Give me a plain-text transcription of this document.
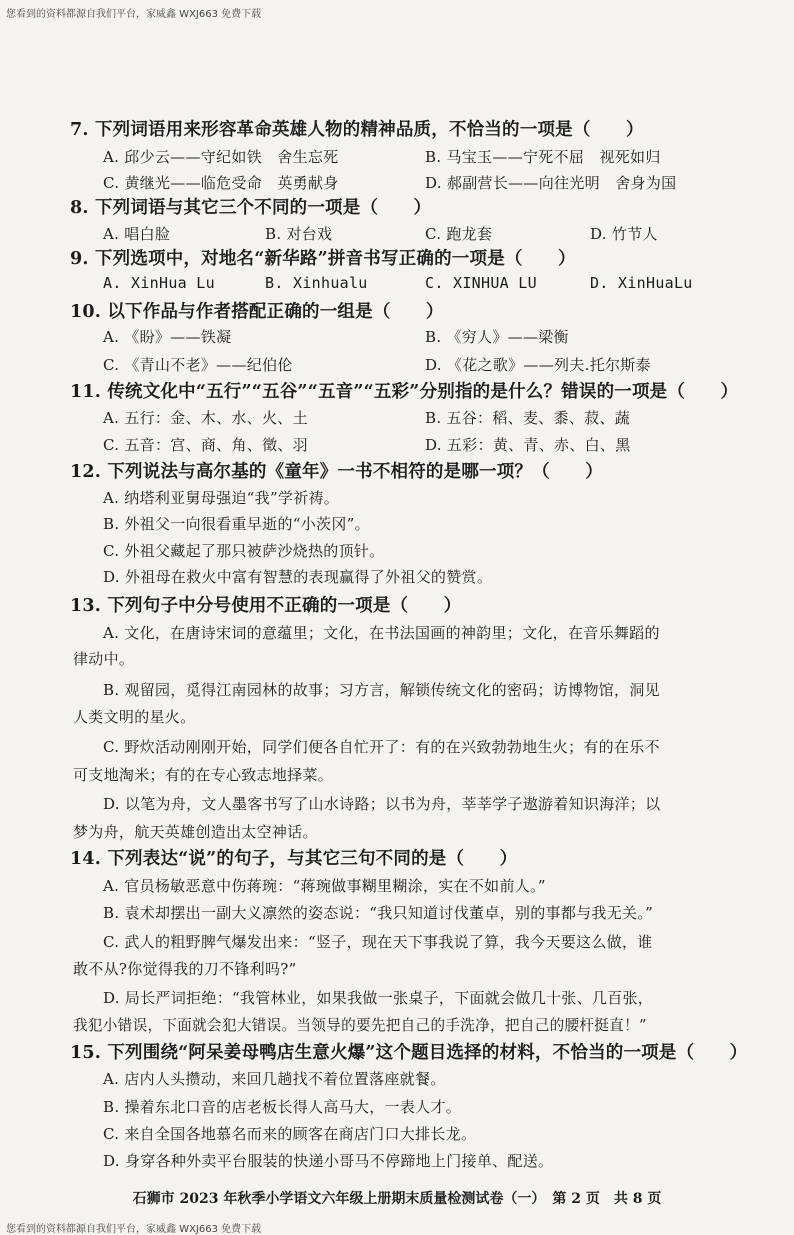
您看到的资料都源自我们平台，家威鑫 WXJ663 免费下载
7. 下列词语用来形容革命英雄人物的精神品质，不恰当的一项是（　　）
A. 邱少云——守纪如铁　舍生忘死	B. 马宝玉——宁死不屈　视死如归
C. 黄继光——临危受命　英勇献身	D. 郝副营长——向往光明　舍身为国
8. 下列词语与其它三个不同的一项是（　　）
A. 唱白脸	B. 对台戏	C. 跑龙套	D. 竹节人
9. 下列选项中，对地名“新华路”拼音书写正确的一项是（　　）
A. XinHua Lu	B. Xinhualu	C. XINHUA LU	D. XinHuaLu
10. 以下作品与作者搭配正确的一组是（　　）
A. 《盼》——铁凝	B. 《穷人》——梁衡
C. 《青山不老》——纪伯伦	D. 《花之歌》——列夫.托尔斯泰
11. 传统文化中“五行”“五谷”“五音”“五彩”分别指的是什么？错误的一项是（　　）
A. 五行：金、木、水、火、土	B. 五谷：稻、麦、黍、菽、蔬
C. 五音：宫、商、角、徵、羽	D. 五彩：黄、青、赤、白、黑
12. 下列说法与高尔基的《童年》一书不相符的是哪一项？（　　）
A. 纳塔利亚舅母强迫“我”学祈祷。
B. 外祖父一向很看重早逝的“小茨冈”。
C. 外祖父藏起了那只被萨沙烧热的顶针。
D. 外祖母在救火中富有智慧的表现赢得了外祖父的赞赏。
13. 下列句子中分号使用不正确的一项是（　　）
A. 文化，在唐诗宋词的意蕴里；文化，在书法国画的神韵里；文化，在音乐舞蹈的
律动中。
B. 观留园，觅得江南园林的故事；习方言，解锁传统文化的密码；访博物馆，洞见
人类文明的星火。
C. 野炊活动刚刚开始，同学们便各自忙开了：有的在兴致勃勃地生火；有的在乐不
可支地淘米；有的在专心致志地择菜。
D. 以笔为舟，文人墨客书写了山水诗路；以书为舟，莘莘学子遨游着知识海洋；以
梦为舟，航天英雄创造出太空神话。
14. 下列表达“说”的句子，与其它三句不同的是（　　）
A. 官员杨敏恶意中伤蒋琬：“蒋琬做事糊里糊涂，实在不如前人。”
B. 袁术却摆出一副大义凛然的姿态说：“我只知道讨伐董卓，别的事都与我无关。”
C. 武人的粗野脾气爆发出来：“竖子，现在天下事我说了算，我今天要这么做，谁
敢不从?你觉得我的刀不锋利吗?”
D. 局长严词拒绝：“我管林业，如果我做一张桌子，下面就会做几十张、几百张，
我犯小错误，下面就会犯大错误。当领导的要先把自己的手洗净，把自己的腰杆挺直！”
15. 下列围绕“阿呆姜母鸭店生意火爆”这个题目选择的材料，不恰当的一项是（　　）
A. 店内人头攒动，来回几趟找不着位置落座就餐。
B. 操着东北口音的店老板长得人高马大，一表人才。
C. 来自全国各地慕名而来的顾客在商店门口大排长龙。
D. 身穿各种外卖平台服装的快递小哥马不停蹄地上门接单、配送。
石狮市 2023 年秋季小学语文六年级上册期末质量检测试卷（一）　第 2 页　共 8 页
您看到的资料都源自我们平台，家威鑫 WXJ663 免费下载
